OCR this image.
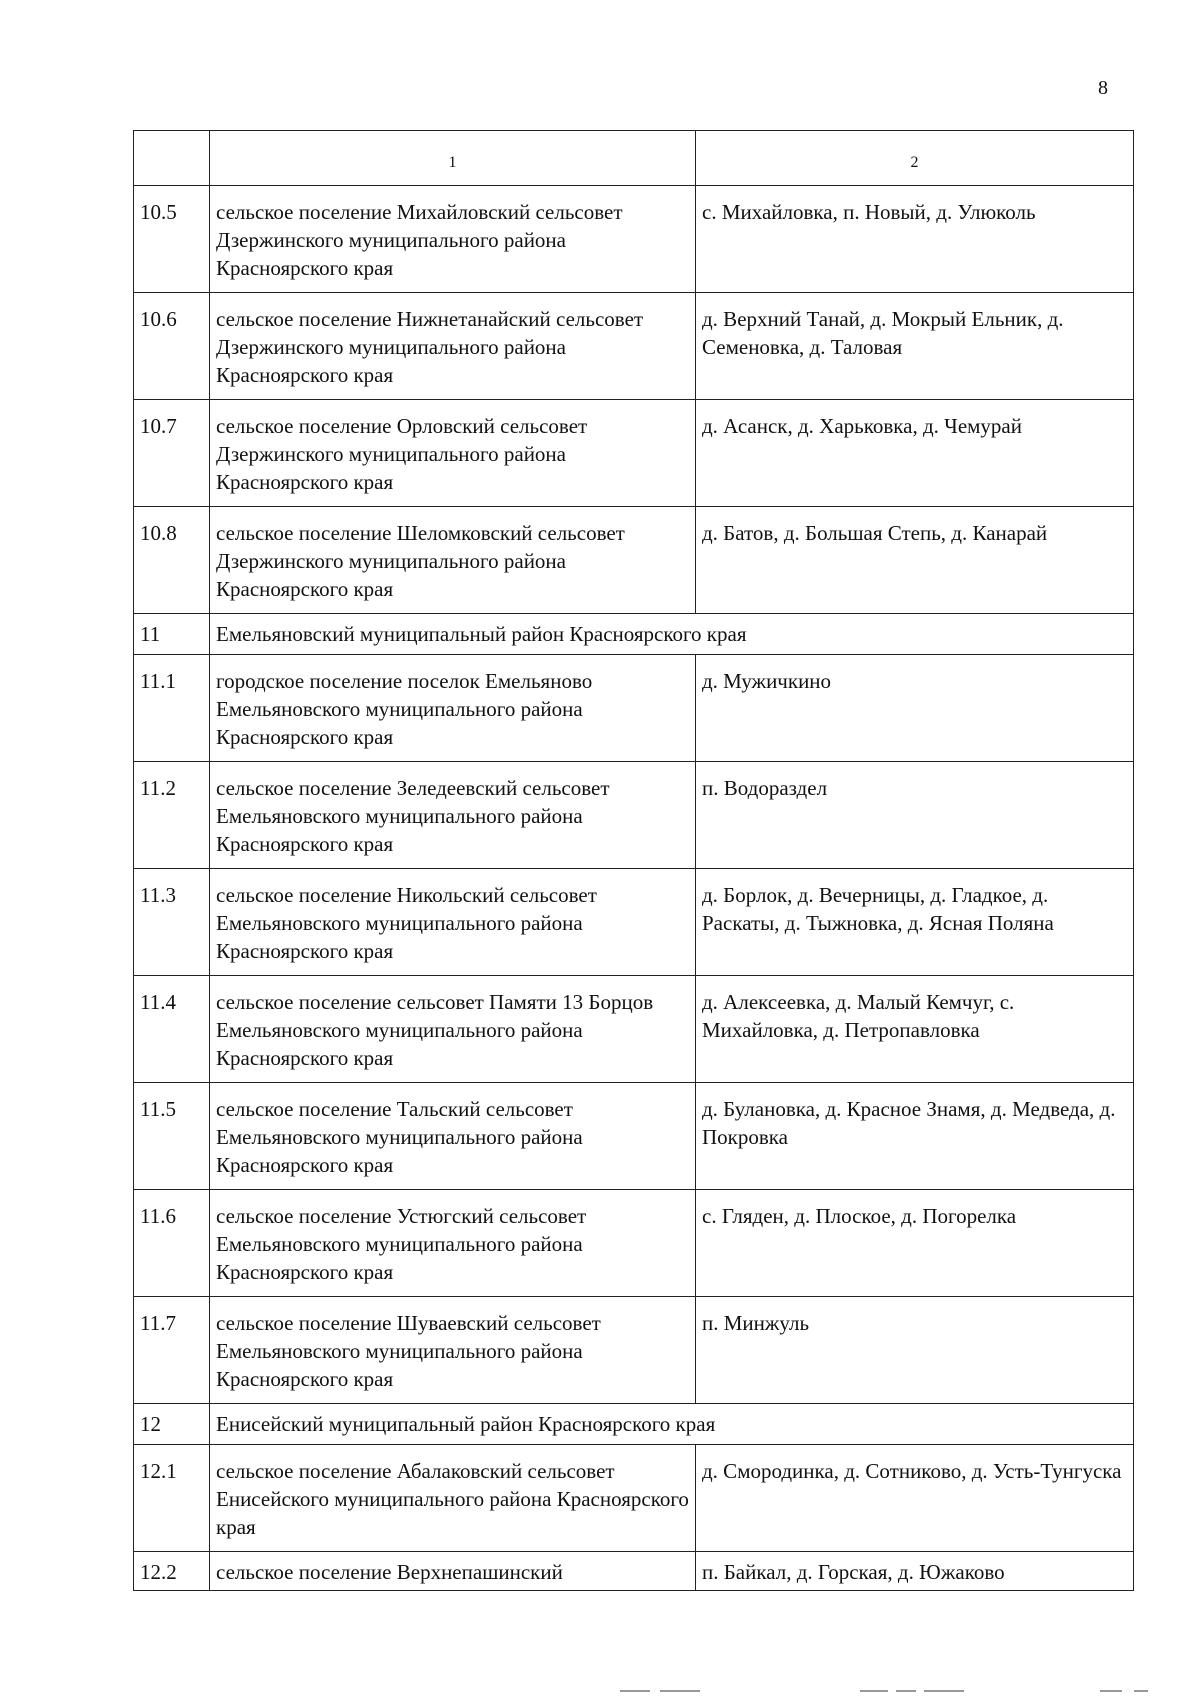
8
	1	2
10.5	сельское поселение Михайловский сельсовет Дзержинского муниципального района Красноярского края	с. Михайловка, п. Новый, д. Улюколь
10.6	сельское поселение Нижнетанайский сельсовет Дзержинского муниципального района Красноярского края	д. Верхний Танай, д. Мокрый Ельник, д. Семеновка, д. Таловая
10.7	сельское поселение Орловский сельсовет Дзержинского муниципального района Красноярского края	д. Асанск, д. Харьковка, д. Чемурай
10.8	сельское поселение Шеломковский сельсовет Дзержинского муниципального района Красноярского края	д. Батов, д. Большая Степь, д. Канарай
11	Емельяновский муниципальный район Красноярского края	
11.1	городское поселение поселок Емельяново Емельяновского муниципального района Красноярского края	д. Мужичкино
11.2	сельское поселение Зеледеевский сельсовет Емельяновского муниципального района Красноярского края	п. Водораздел
11.3	сельское поселение Никольский сельсовет Емельяновского муниципального района Красноярского края	д. Борлок, д. Вечерницы, д. Гладкое, д. Раскаты, д. Тыжновка, д. Ясная Поляна
11.4	сельское поселение сельсовет Памяти 13 Борцов Емельяновского муниципального района Красноярского края	д. Алексеевка, д. Малый Кемчуг, с. Михайловка, д. Петропавловка
11.5	сельское поселение Тальский сельсовет Емельяновского муниципального района Красноярского края	д. Булановка, д. Красное Знамя, д. Медведа, д. Покровка
11.6	сельское поселение Устюгский сельсовет Емельяновского муниципального района Красноярского края	с. Гляден, д. Плоское, д. Погорелка
11.7	сельское поселение Шуваевский сельсовет Емельяновского муниципального района Красноярского края	п. Минжуль
12	Енисейский муниципальный район Красноярского края	
12.1	сельское поселение Абалаковский сельсовет Енисейского муниципального района Красноярского края	д. Смородинка, д. Сотниково, д. Усть-Тунгуска
12.2	сельское поселение Верхнепашинский	п. Байкал, д. Горская, д. Южаково
